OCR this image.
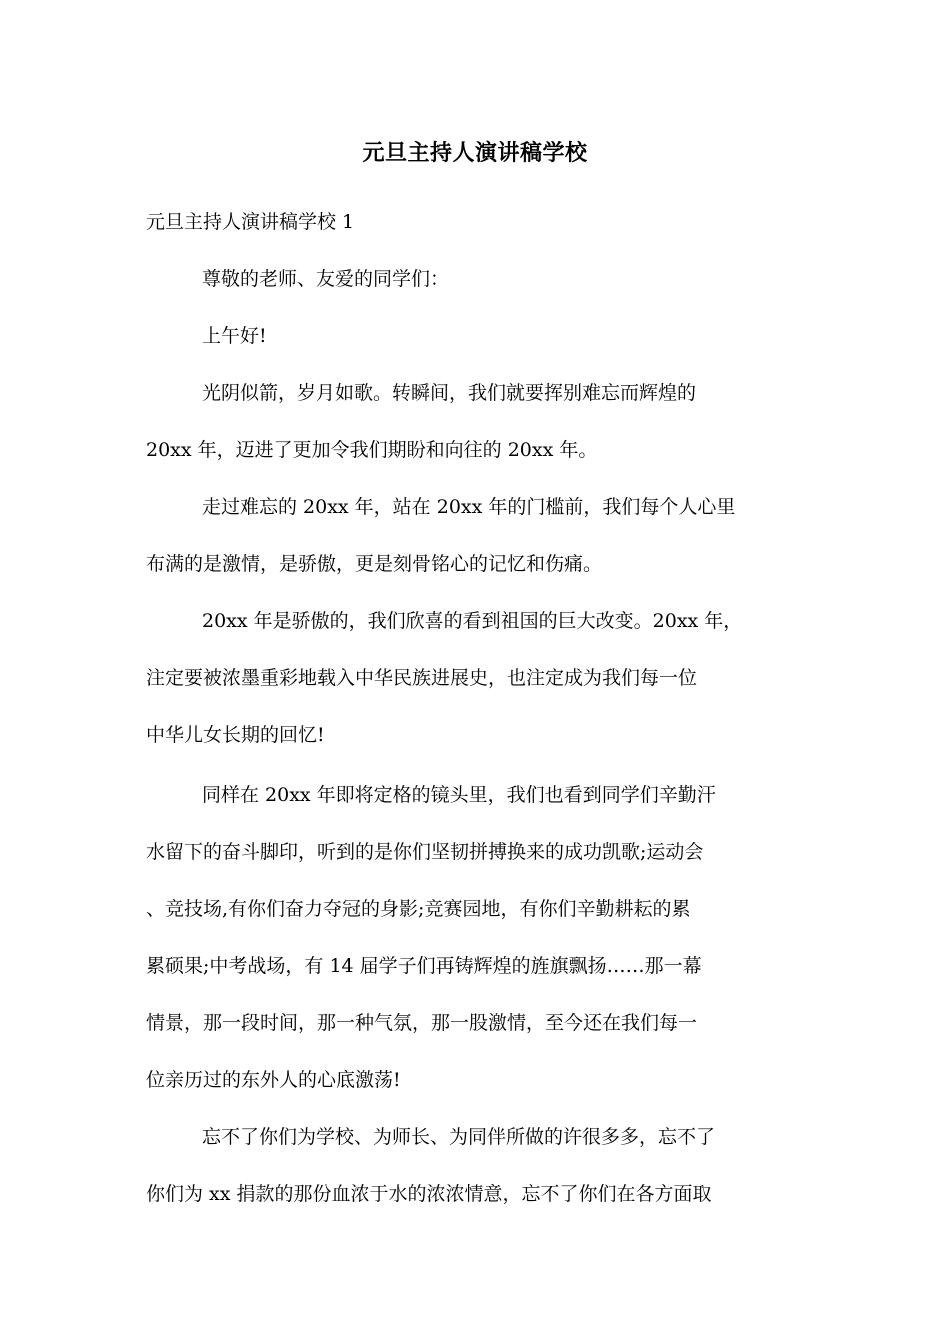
元旦主持人演讲稿学校
元旦主持人演讲稿学校 1
尊敬的老师、友爱的同学们：
上午好!
光阴似箭，岁月如歌。转瞬间，我们就要挥别难忘而辉煌的
20xx 年，迈进了更加令我们期盼和向往的 20xx 年。
走过难忘的 20xx 年，站在 20xx 年的门槛前，我们每个人心里
布满的是激情，是骄傲，更是刻骨铭心的记忆和伤痛。
20xx 年是骄傲的，我们欣喜的看到祖国的巨大改变。20xx 年，
注定要被浓墨重彩地载入中华民族进展史，也注定成为我们每一位
中华儿女长期的回忆!
同样在 20xx 年即将定格的镜头里，我们也看到同学们辛勤汗
水留下的奋斗脚印，听到的是你们坚韧拼搏换来的成功凯歌;运动会
、竞技场,有你们奋力夺冠的身影;竞赛园地，有你们辛勤耕耘的累
累硕果;中考战场，有 14 届学子们再铸辉煌的旌旗飘扬……那一幕
情景，那一段时间，那一种气氛，那一股激情，至今还在我们每一
位亲历过的东外人的心底激荡!
忘不了你们为学校、为师长、为同伴所做的许很多多，忘不了
你们为 xx 捐款的那份血浓于水的浓浓情意，忘不了你们在各方面取
